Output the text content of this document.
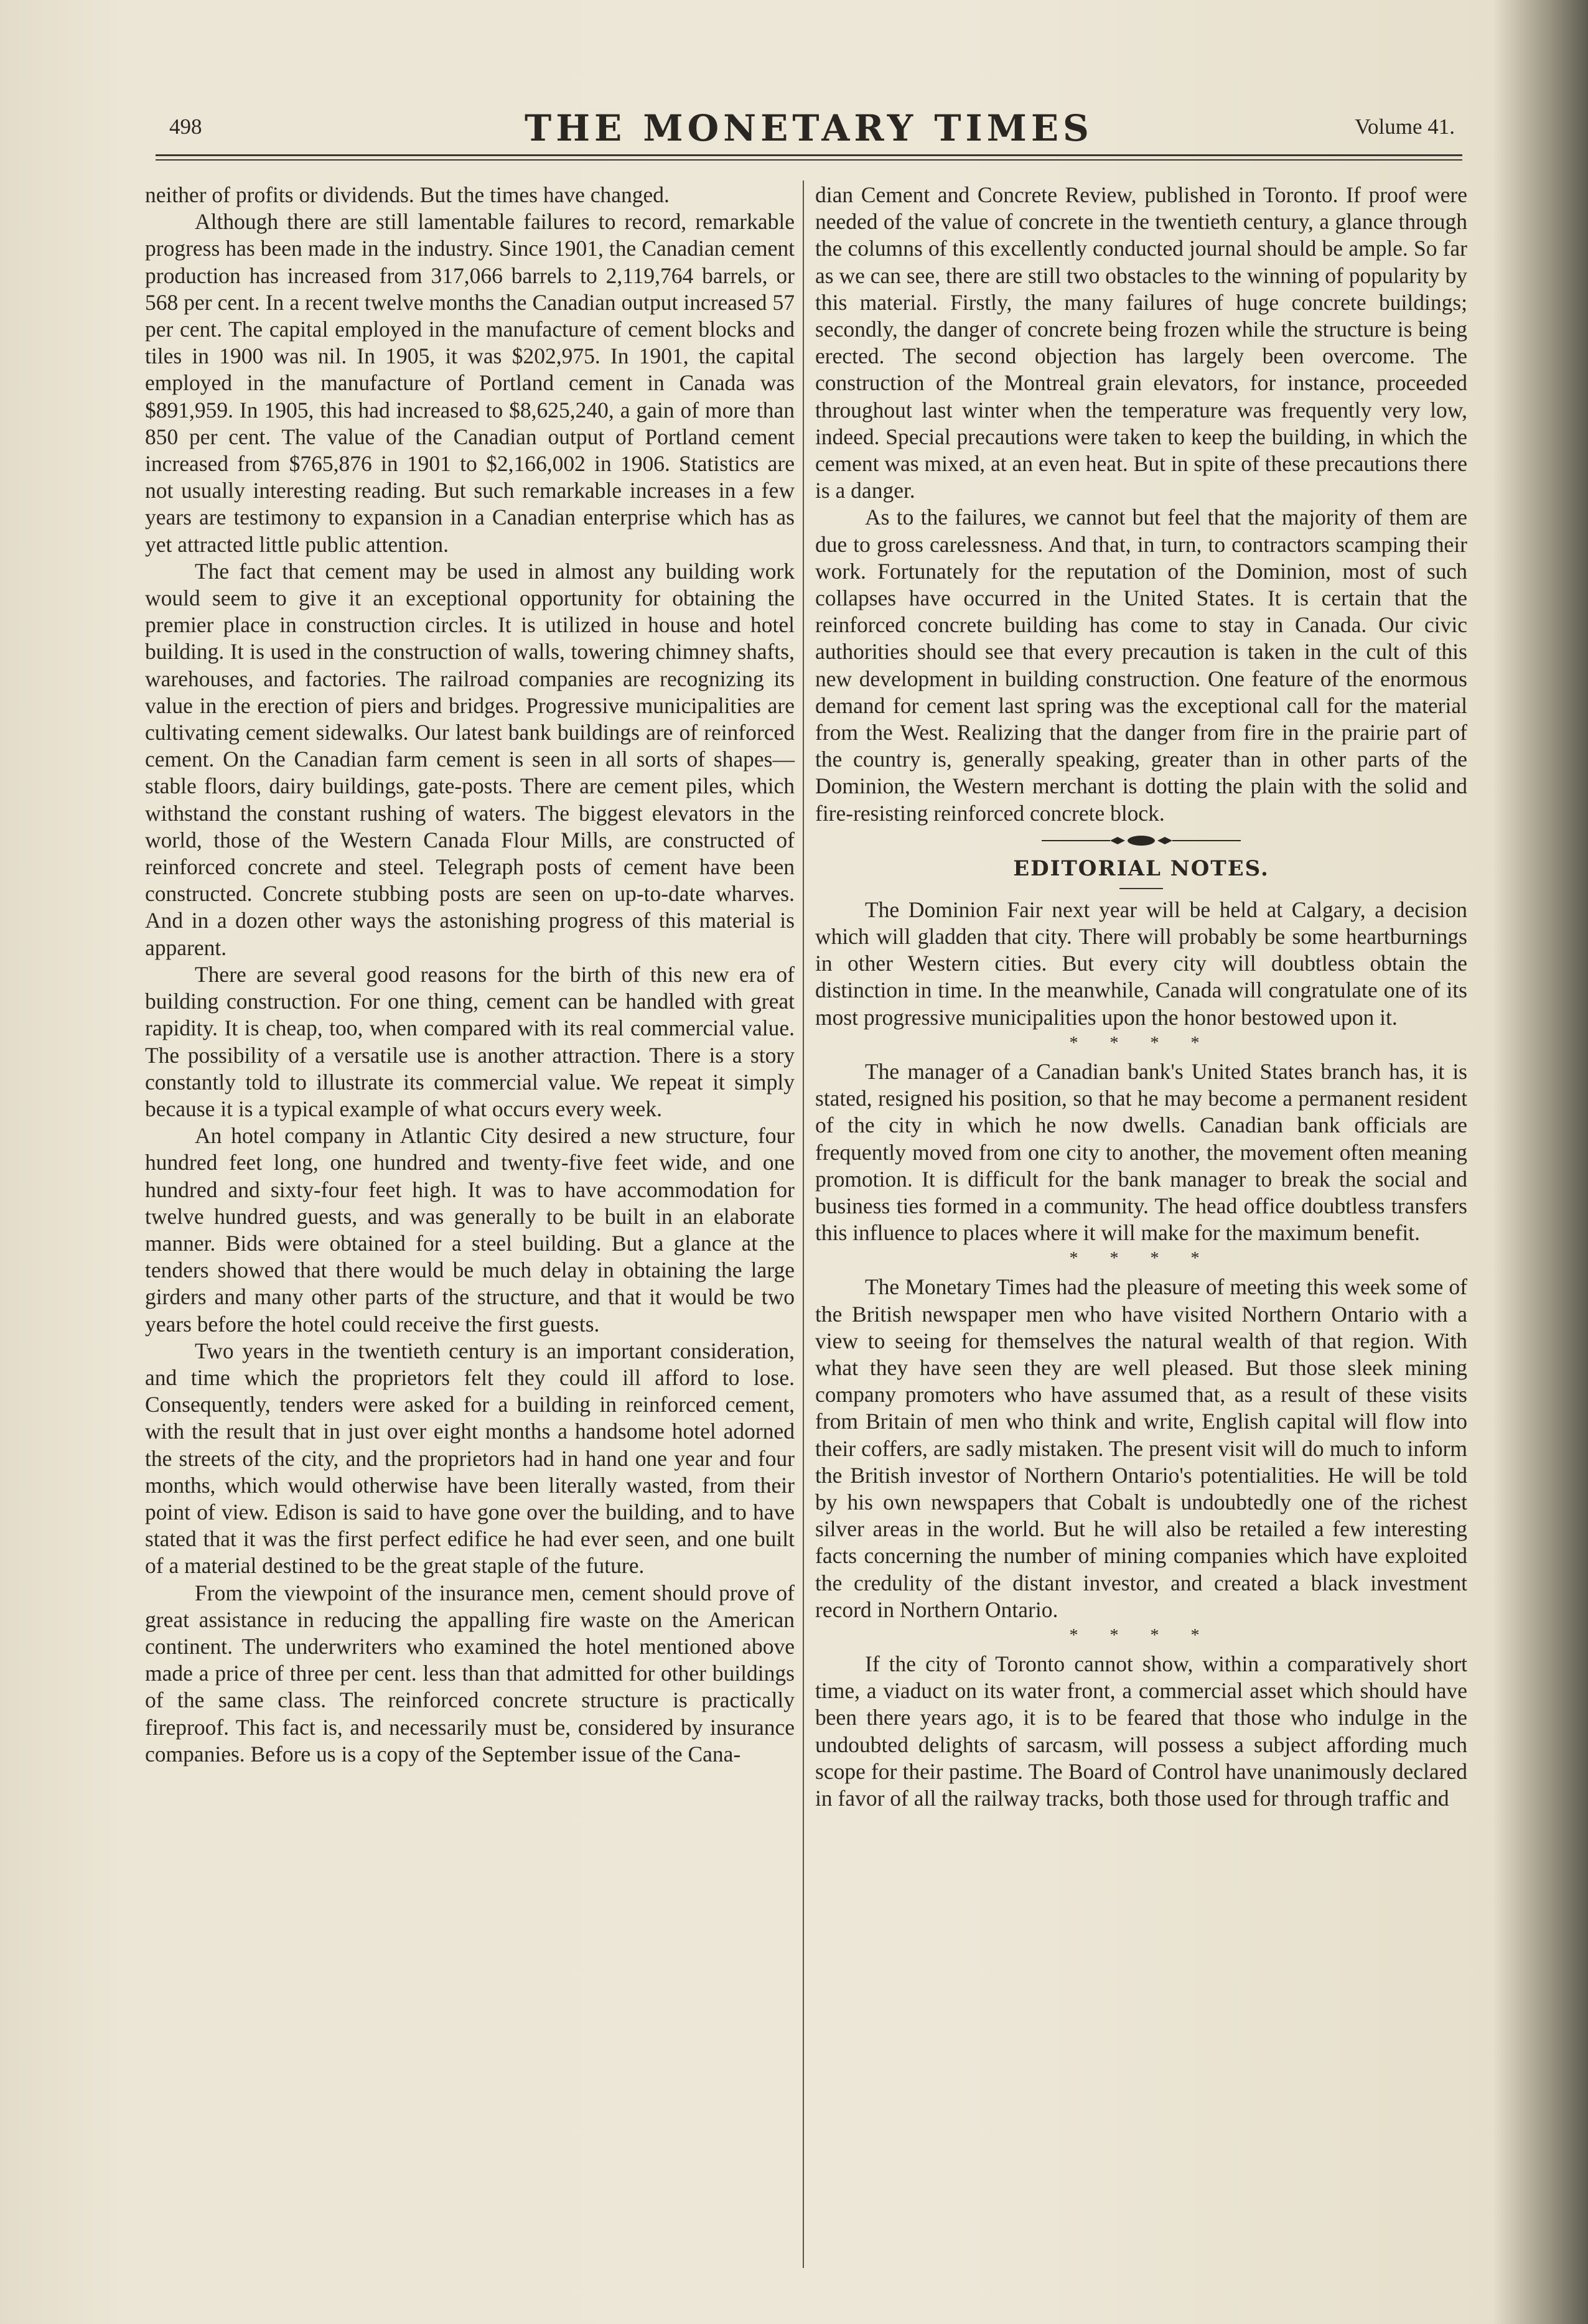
498	THE MONETARY TIMES	Volume 41.

neither of profits or dividends. But the times have changed.

Although there are still lamentable failures to record, remarkable progress has been made in the industry. Since 1901, the Canadian cement production has increased from 317,066 barrels to 2,119,764 barrels, or 568 per cent. In a recent twelve months the Canadian output increased 57 per cent. The capital employed in the manufacture of cement blocks and tiles in 1900 was nil. In 1905, it was $202,975. In 1901, the capital employed in the manufacture of Portland cement in Canada was $891,959. In 1905, this had increased to $8,625,240, a gain of more than 850 per cent. The value of the Canadian output of Portland cement increased from $765,876 in 1901 to $2,166,002 in 1906. Statistics are not usually interesting reading. But such remarkable increases in a few years are testimony to expansion in a Canadian enterprise which has as yet attracted little public attention.

The fact that cement may be used in almost any building work would seem to give it an exceptional opportunity for obtaining the premier place in construction circles. It is utilized in house and hotel building. It is used in the construction of walls, towering chimney shafts, warehouses, and factories. The railroad companies are recognizing its value in the erection of piers and bridges. Progressive municipalities are cultivating cement sidewalks. Our latest bank buildings are of reinforced cement. On the Canadian farm cement is seen in all sorts of shapes—stable floors, dairy buildings, gate-posts. There are cement piles, which withstand the constant rushing of waters. The biggest elevators in the world, those of the Western Canada Flour Mills, are constructed of reinforced concrete and steel. Telegraph posts of cement have been constructed. Concrete stubbing posts are seen on up-to-date wharves. And in a dozen other ways the astonishing progress of this material is apparent.

There are several good reasons for the birth of this new era of building construction. For one thing, cement can be handled with great rapidity. It is cheap, too, when compared with its real commercial value. The possibility of a versatile use is another attraction. There is a story constantly told to illustrate its commercial value. We repeat it simply because it is a typical example of what occurs every week.

An hotel company in Atlantic City desired a new structure, four hundred feet long, one hundred and twenty-five feet wide, and one hundred and sixty-four feet high. It was to have accommodation for twelve hundred guests, and was generally to be built in an elaborate manner. Bids were obtained for a steel building. But a glance at the tenders showed that there would be much delay in obtaining the large girders and many other parts of the structure, and that it would be two years before the hotel could receive the first guests.

Two years in the twentieth century is an important consideration, and time which the proprietors felt they could ill afford to lose. Consequently, tenders were asked for a building in reinforced cement, with the result that in just over eight months a handsome hotel adorned the streets of the city, and the proprietors had in hand one year and four months, which would otherwise have been literally wasted, from their point of view. Edison is said to have gone over the building, and to have stated that it was the first perfect edifice he had ever seen, and one built of a material destined to be the great staple of the future.

From the viewpoint of the insurance men, cement should prove of great assistance in reducing the appalling fire waste on the American continent. The underwriters who examined the hotel mentioned above made a price of three per cent. less than that admitted for other buildings of the same class. The reinforced concrete structure is practically fireproof. This fact is, and necessarily must be, considered by insurance companies. Before us is a copy of the September issue of the Cana-

dian Cement and Concrete Review, published in Toronto. If proof were needed of the value of concrete in the twentieth century, a glance through the columns of this excellently conducted journal should be ample. So far as we can see, there are still two obstacles to the winning of popularity by this material. Firstly, the many failures of huge concrete buildings; secondly, the danger of concrete being frozen while the structure is being erected. The second objection has largely been overcome. The construction of the Montreal grain elevators, for instance, proceeded throughout last winter when the temperature was frequently very low, indeed. Special precautions were taken to keep the building, in which the cement was mixed, at an even heat. But in spite of these precautions there is a danger.

As to the failures, we cannot but feel that the majority of them are due to gross carelessness. And that, in turn, to contractors scamping their work. Fortunately for the reputation of the Dominion, most of such collapses have occurred in the United States. It is certain that the reinforced concrete building has come to stay in Canada. Our civic authorities should see that every precaution is taken in the cult of this new development in building construction. One feature of the enormous demand for cement last spring was the exceptional call for the material from the West. Realizing that the danger from fire in the prairie part of the country is, generally speaking, greater than in other parts of the Dominion, the Western merchant is dotting the plain with the solid and fire-resisting reinforced concrete block.

EDITORIAL NOTES.

The Dominion Fair next year will be held at Calgary, a decision which will gladden that city. There will probably be some heartburnings in other Western cities. But every city will doubtless obtain the distinction in time. In the meanwhile, Canada will congratulate one of its most progressive municipalities upon the honor bestowed upon it.

* * * *

The manager of a Canadian bank's United States branch has, it is stated, resigned his position, so that he may become a permanent resident of the city in which he now dwells. Canadian bank officials are frequently moved from one city to another, the movement often meaning promotion. It is difficult for the bank manager to break the social and business ties formed in a community. The head office doubtless transfers this influence to places where it will make for the maximum benefit.

* * * *

The Monetary Times had the pleasure of meeting this week some of the British newspaper men who have visited Northern Ontario with a view to seeing for themselves the natural wealth of that region. With what they have seen they are well pleased. But those sleek mining company promoters who have assumed that, as a result of these visits from Britain of men who think and write, English capital will flow into their coffers, are sadly mistaken. The present visit will do much to inform the British investor of Northern Ontario's potentialities. He will be told by his own newspapers that Cobalt is undoubtedly one of the richest silver areas in the world. But he will also be retailed a few interesting facts concerning the number of mining companies which have exploited the credulity of the distant investor, and created a black investment record in Northern Ontario.

* * * *

If the city of Toronto cannot show, within a comparatively short time, a viaduct on its water front, a commercial asset which should have been there years ago, it is to be feared that those who indulge in the undoubted delights of sarcasm, will possess a subject affording much scope for their pastime. The Board of Control have unanimously declared in favor of all the railway tracks, both those used for through traffic and
